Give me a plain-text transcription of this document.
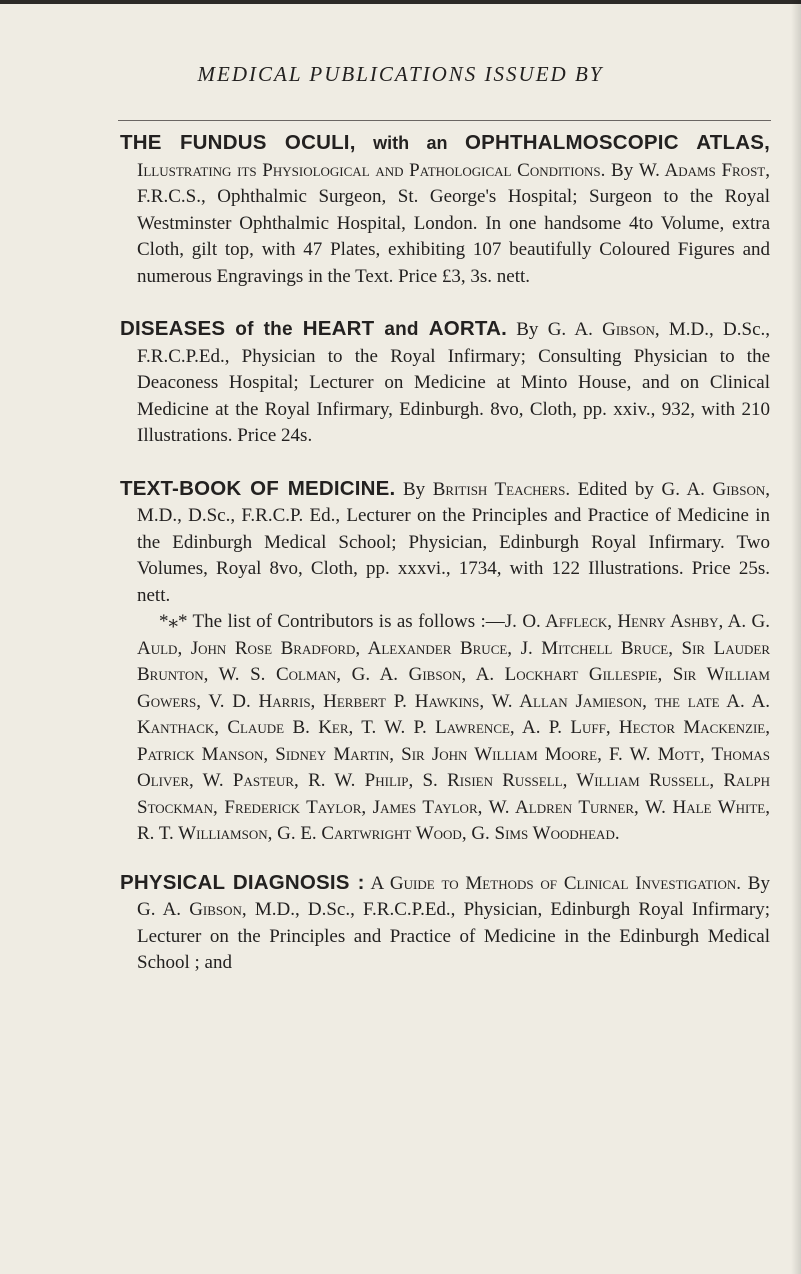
MEDICAL PUBLICATIONS ISSUED BY

THE FUNDUS OCULI, with an OPHTHALMOSCOPIC ATLAS, Illustrating its Physiological and Pathological Conditions. By W. Adams Frost, F.R.C.S., Ophthalmic Surgeon, St. George's Hospital; Surgeon to the Royal Westminster Ophthalmic Hospital, London. In one handsome 4to Volume, extra Cloth, gilt top, with 47 Plates, exhibiting 107 beautifully Coloured Figures and numerous Engravings in the Text. Price £3, 3s. nett.

DISEASES of the HEART and AORTA. By G. A. Gibson, M.D., D.Sc., F.R.C.P.Ed., Physician to the Royal Infirmary; Consulting Physician to the Deaconess Hospital; Lecturer on Medicine at Minto House, and on Clinical Medicine at the Royal Infirmary, Edinburgh. 8vo, Cloth, pp. xxiv., 932, with 210 Illustrations. Price 24s.

TEXT-BOOK OF MEDICINE. By British Teachers. Edited by G. A. Gibson, M.D., D.Sc., F.R.C.P. Ed., Lecturer on the Principles and Practice of Medicine in the Edinburgh Medical School; Physician, Edinburgh Royal Infirmary. Two Volumes, Royal 8vo, Cloth, pp. xxxvi., 1734, with 122 Illustrations. Price 25s. nett.

*⁎* The list of Contributors is as follows :—J. O. Affleck, Henry Ashby, A. G. Auld, John Rose Bradford, Alexander Bruce, J. Mitchell Bruce, Sir Lauder Brunton, W. S. Colman, G. A. Gibson, A. Lockhart Gillespie, Sir William Gowers, V. D. Harris, Herbert P. Hawkins, W. Allan Jamieson, the late A. A. Kanthack, Claude B. Ker, T. W. P. Lawrence, A. P. Luff, Hector Mackenzie, Patrick Manson, Sidney Martin, Sir John William Moore, F. W. Mott, Thomas Oliver, W. Pasteur, R. W. Philip, S. Risien Russell, William Russell, Ralph Stockman, Frederick Taylor, James Taylor, W. Aldren Turner, W. Hale White, R. T. Williamson, G. E. Cartwright Wood, G. Sims Woodhead.

PHYSICAL DIAGNOSIS : A Guide to Methods of Clinical Investigation. By G. A. Gibson, M.D., D.Sc., F.R.C.P.Ed., Physician, Edinburgh Royal Infirmary; Lecturer on the Principles and Practice of Medicine in the Edinburgh Medical School ; and
